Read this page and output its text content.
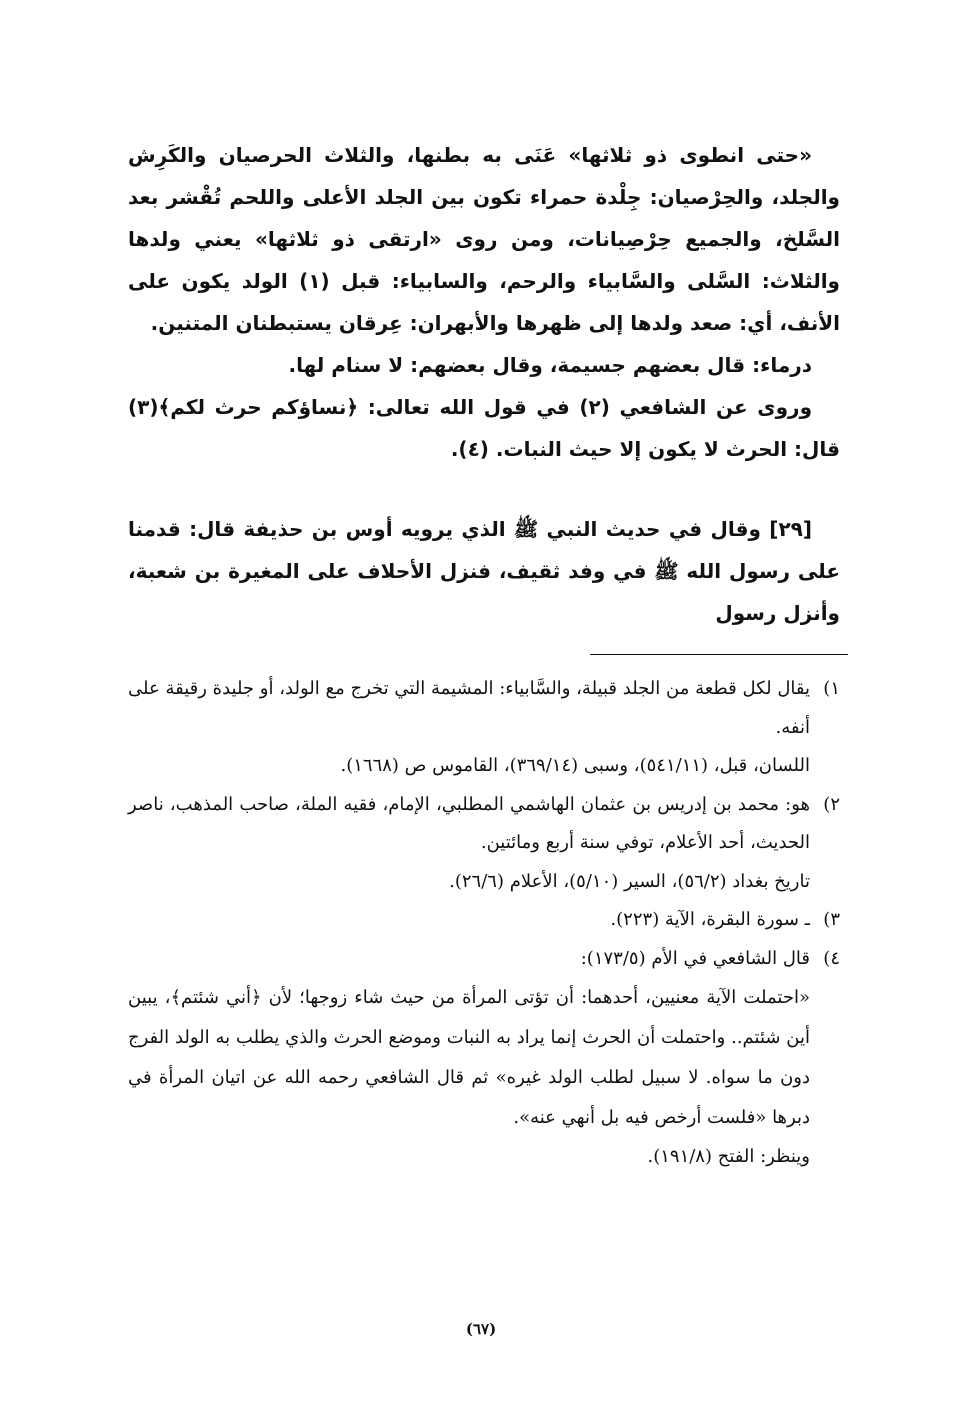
«حتى انطوى ذو ثلاثها» عَنَى به بطنها، والثلاث الحرصيان والكَرِش والجلد، والحِرْصيان: جِلْدة حمراء تكون بين الجلد الأعلى واللحم تُقْشر بعد السَّلخ، والجميع حِرْصِيانات، ومن روى «ارتقى ذو ثلاثها» يعني ولدها والثلاث: السَّلى والسَّابياء والرحم، والسابياء: قبل (١) الولد يكون على الأنف، أي: صعد ولدها إلى ظهرها والأبهران: عِرقان يستبطنان المتنين.

درماء: قال بعضهم جسيمة، وقال بعضهم: لا سنام لها.

وروى عن الشافعي (٢) في قول الله تعالى: ﴿نساؤكم حرث لكم﴾(٣) قال: الحرث لا يكون إلا حيث النبات. (٤).

[٢٩] وقال في حديث النبي ﷺ الذي يرويه أوس بن حذيفة قال: قدمنا على رسول الله ﷺ في وفد ثقيف، فنزل الأحلاف على المغيرة بن شعبة، وأنزل رسول

١)
يقال لكل قطعة من الجلد قبيلة، والسَّابياء: المشيمة التي تخرج مع الولد، أو جليدة رقيقة على أنفه.
اللسان، قبل، (٥٤١/١١)، وسبى (٣٦٩/١٤)، القاموس ص (١٦٦٨).
٢)
هو: محمد بن إدريس بن عثمان الهاشمي المطلبي، الإمام، فقيه الملة، صاحب المذهب، ناصر الحديث، أحد الأعلام، توفي سنة أربع ومائتين.
تاريخ بغداد (٥٦/٢)، السير (٥/١٠)، الأعلام (٢٦/٦).
٣)
ـ سورة البقرة، الآية (٢٢٣).
٤)
قال الشافعي في الأم (١٧٣/٥):
«احتملت الآية معنيين، أحدهما: أن تؤتى المرأة من حيث شاء زوجها؛ لأن ﴿أني شئتم﴾، يبين أين شئتم.. واحتملت أن الحرث إنما يراد به النبات وموضع الحرث والذي يطلب به الولد الفرج دون ما سواه. لا سبيل لطلب الولد غيره» ثم قال الشافعي رحمه الله عن اتيان المرأة في دبرها «فلست أرخص فيه بل أنهي عنه».
وينظر: الفتح (١٩١/٨).
(٦٧)
